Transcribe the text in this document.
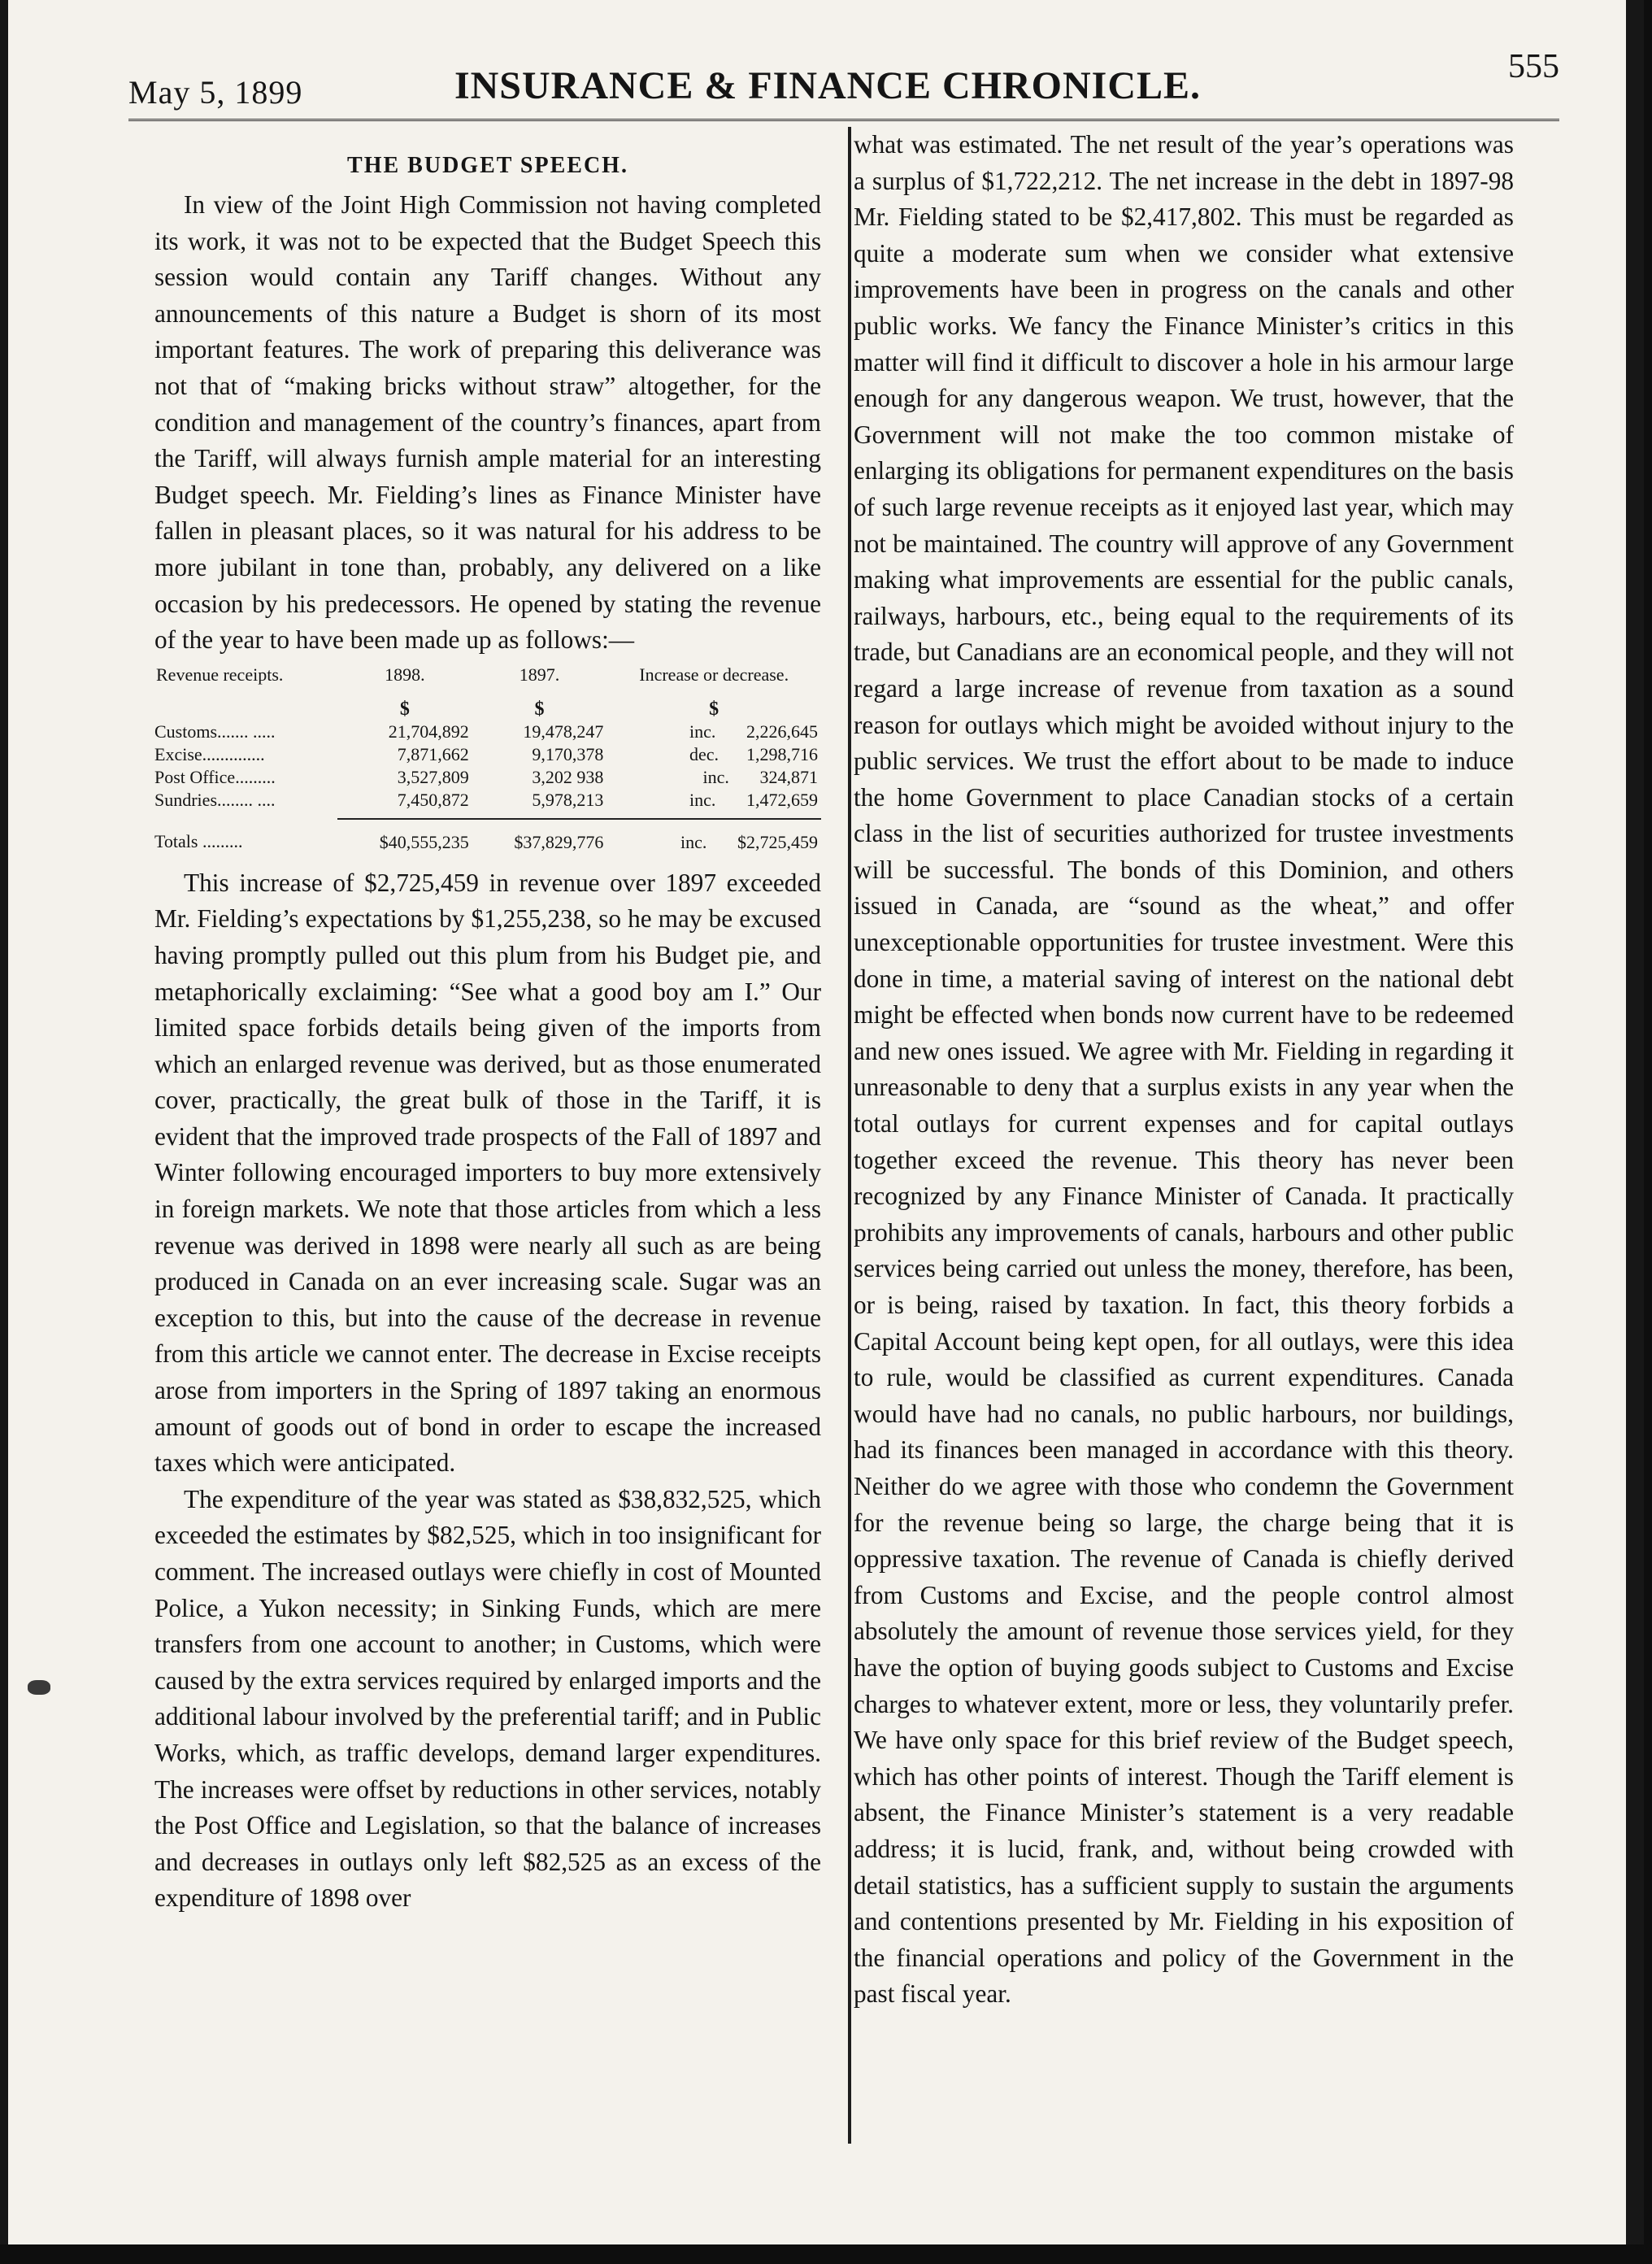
May 5, 1899	INSURANCE & FINANCE CHRONICLE.	555
THE BUDGET SPEECH.

In view of the Joint High Commission not having completed its work, it was not to be expected that the Budget Speech this session would contain any Tariff changes. Without any announcements of this nature a Budget is shorn of its most important features. The work of preparing this deliverance was not that of “making bricks without straw” altogether, for the condition and management of the country’s finances, apart from the Tariff, will always furnish ample material for an interesting Budget speech. Mr. Fielding’s lines as Finance Minister have fallen in pleasant places, so it was natural for his address to be more jubilant in tone than, probably, any delivered on a like occasion by his predecessors. He opened by stating the revenue of the year to have been made up as follows:—

Revenue receipts.	1898.	1897.	Increase or decrease.
	$	$	$
Customs....... .....	21,704,892	19,478,247	inc. 2,226,645
Excise..............	7,871,662	9,170,378	dec. 1,298,716
Post Office.........	3,527,809	3,202 938	inc. 324,871
Sundries........ ....	7,450,872	5,978,213	inc. 1,472,659

Totals .........	$40,555,235	$37,829,776	inc. $2,725,459

This increase of $2,725,459 in revenue over 1897 exceeded Mr. Fielding’s expectations by $1,255,238, so he may be excused having promptly pulled out this plum from his Budget pie, and metaphorically exclaiming: “See what a good boy am I.” Our limited space forbids details being given of the imports from which an enlarged revenue was derived, but as those enumerated cover, practically, the great bulk of those in the Tariff, it is evident that the improved trade prospects of the Fall of 1897 and Winter following encouraged importers to buy more extensively in foreign markets. We note that those articles from which a less revenue was derived in 1898 were nearly all such as are being produced in Canada on an ever increasing scale. Sugar was an exception to this, but into the cause of the decrease in revenue from this article we cannot enter. The decrease in Excise receipts arose from importers in the Spring of 1897 taking an enormous amount of goods out of bond in order to escape the increased taxes which were anticipated.

The expenditure of the year was stated as $38,832,525, which exceeded the estimates by $82,525, which in too insignificant for comment. The increased outlays were chiefly in cost of Mounted Police, a Yukon necessity; in Sinking Funds, which are mere transfers from one account to another; in Customs, which were caused by the extra services required by enlarged imports and the additional labour involved by the preferential tariff; and in Public Works, which, as traffic develops, demand larger expenditures. The increases were offset by reductions in other services, notably the Post Office and Legislation, so that the balance of increases and decreases in outlays only left $82,525 as an excess of the expenditure of 1898 over

what was estimated. The net result of the year’s operations was a surplus of $1,722,212. The net increase in the debt in 1897-98 Mr. Fielding stated to be $2,417,802. This must be regarded as quite a moderate sum when we consider what extensive improvements have been in progress on the canals and other public works. We fancy the Finance Minister’s critics in this matter will find it difficult to discover a hole in his armour large enough for any dangerous weapon. We trust, however, that the Government will not make the too common mistake of enlarging its obligations for permanent expenditures on the basis of such large revenue receipts as it enjoyed last year, which may not be maintained. The country will approve of any Government making what improvements are essential for the public canals, railways, harbours, etc., being equal to the requirements of its trade, but Canadians are an economical people, and they will not regard a large increase of revenue from taxation as a sound reason for outlays which might be avoided without injury to the public services. We trust the effort about to be made to induce the home Government to place Canadian stocks of a certain class in the list of securities authorized for trustee investments will be successful. The bonds of this Dominion, and others issued in Canada, are “sound as the wheat,” and offer unexceptionable opportunities for trustee investment. Were this done in time, a material saving of interest on the national debt might be effected when bonds now current have to be redeemed and new ones issued. We agree with Mr. Fielding in regarding it unreasonable to deny that a surplus exists in any year when the total outlays for current expenses and for capital outlays together exceed the revenue. This theory has never been recognized by any Finance Minister of Canada. It practically prohibits any improvements of canals, harbours and other public services being carried out unless the money, therefore, has been, or is being, raised by taxation. In fact, this theory forbids a Capital Account being kept open, for all outlays, were this idea to rule, would be classified as current expenditures. Canada would have had no canals, no public harbours, nor buildings, had its finances been managed in accordance with this theory. Neither do we agree with those who condemn the Government for the revenue being so large, the charge being that it is oppressive taxation. The revenue of Canada is chiefly derived from Customs and Excise, and the people control almost absolutely the amount of revenue those services yield, for they have the option of buying goods subject to Customs and Excise charges to whatever extent, more or less, they voluntarily prefer. We have only space for this brief review of the Budget speech, which has other points of interest. Though the Tariff element is absent, the Finance Minister’s statement is a very readable address; it is lucid, frank, and, without being crowded with detail statistics, has a sufficient supply to sustain the arguments and contentions presented by Mr. Fielding in his exposition of the financial operations and policy of the Government in the past fiscal year.
